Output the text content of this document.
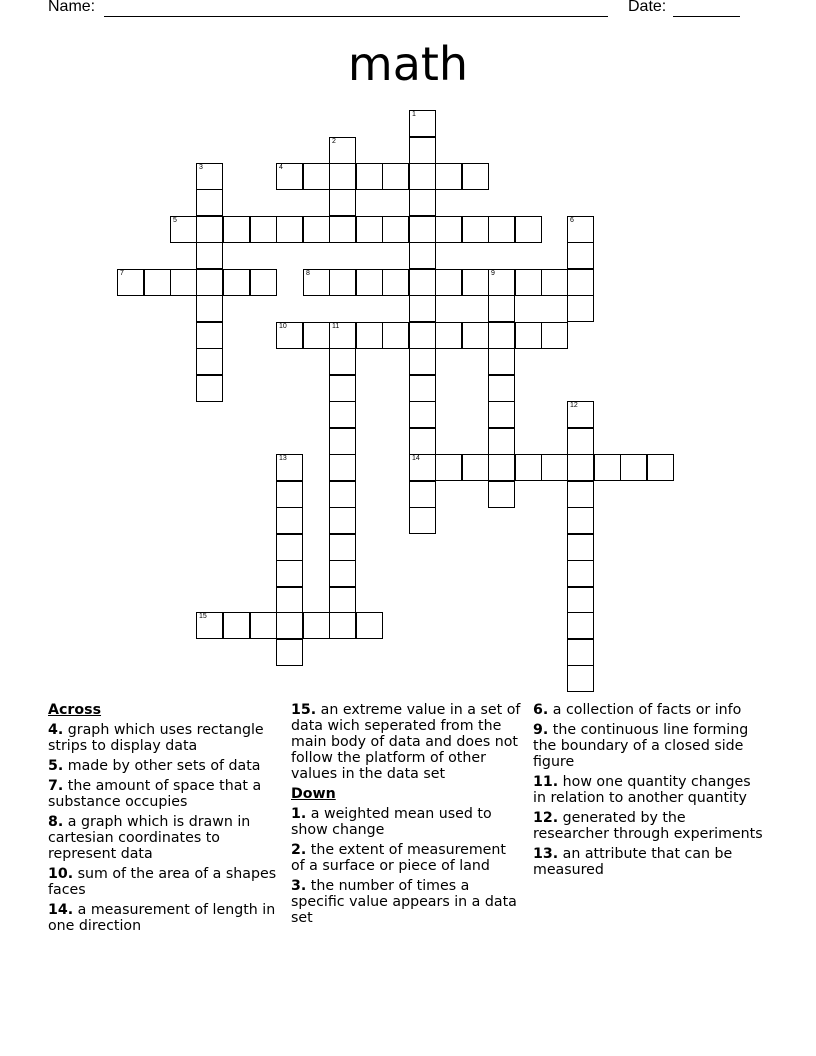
Name:	Date:
math
1
2
3	4
5	6
7	8	9
10	11
12
13	14
15
Across
4. graph which uses rectangle strips to display data
5. made by other sets of data
7. the amount of space that a substance occupies
8. a graph which is drawn in cartesian coordinates to represent data
10. sum of the area of a shapes faces
14. a measurement of length in one direction
15. an extreme value in a set of data wich seperated from the main body of data and does not follow the platform of other values in the data set
Down
1. a weighted mean used to show change
2. the extent of measurement of a surface or piece of land
3. the number of times a specific value appears in a data set
6. a collection of facts or info
9. the continuous line forming the boundary of a closed side figure
11. how one quantity changes in relation to another quantity
12. generated by the researcher through experiments
13. an attribute that can be measured
